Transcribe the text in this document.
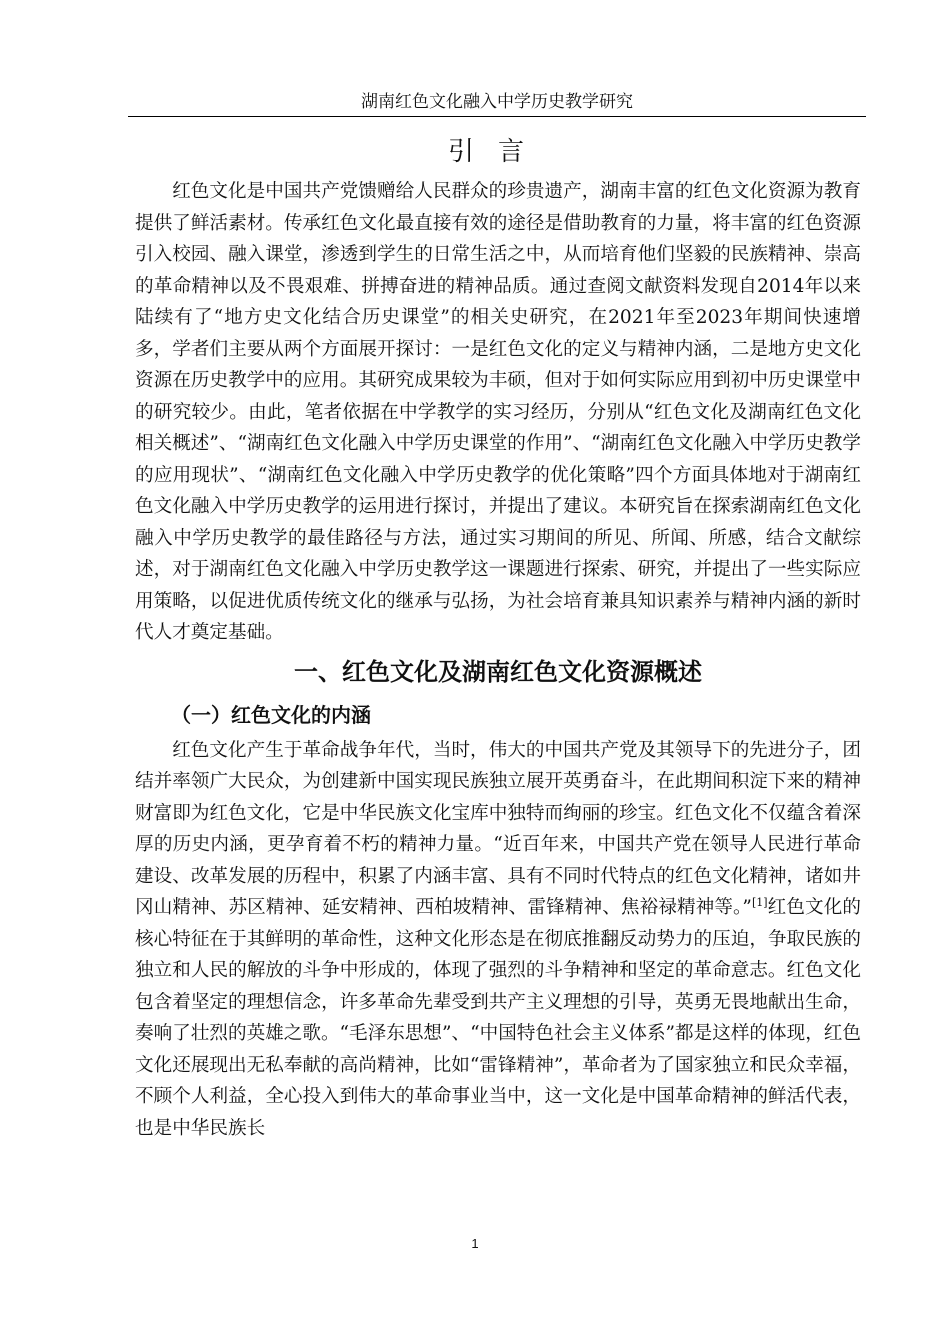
湖南红色文化融入中学历史教学研究
引言

红色文化是中国共产党馈赠给人民群众的珍贵遗产，湖南丰富的红色文化资源为教育提供了鲜活素材。传承红色文化最直接有效的途径是借助教育的力量，将丰富的红色资源引入校园、融入课堂，渗透到学生的日常生活之中，从而培育他们坚毅的民族精神、崇高的革命精神以及不畏艰难、拼搏奋进的精神品质。通过查阅文献资料发现自2014年以来陆续有了“地方史文化结合历史课堂”的相关史研究，在2021年至2023年期间快速增多，学者们主要从两个方面展开探讨：一是红色文化的定义与精神内涵，二是地方史文化资源在历史教学中的应用。其研究成果较为丰硕，但对于如何实际应用到初中历史课堂中的研究较少。由此，笔者依据在中学教学的实习经历，分别从“红色文化及湖南红色文化相关概述”、“湖南红色文化融入中学历史课堂的作用”、“湖南红色文化融入中学历史教学的应用现状”、“湖南红色文化融入中学历史教学的优化策略”四个方面具体地对于湖南红色文化融入中学历史教学的运用进行探讨，并提出了建议。本研究旨在探索湖南红色文化融入中学历史教学的最佳路径与方法，通过实习期间的所见、所闻、所感，结合文献综述，对于湖南红色文化融入中学历史教学这一课题进行探索、研究，并提出了一些实际应用策略，以促进优质传统文化的继承与弘扬，为社会培育兼具知识素养与精神内涵的新时代人才奠定基础。

一、红色文化及湖南红色文化资源概述
（一）红色文化的内涵

红色文化产生于革命战争年代，当时，伟大的中国共产党及其领导下的先进分子，团结并率领广大民众，为创建新中国实现民族独立展开英勇奋斗，在此期间积淀下来的精神财富即为红色文化，它是中华民族文化宝库中独特而绚丽的珍宝。红色文化不仅蕴含着深厚的历史内涵，更孕育着不朽的精神力量。“近百年来，中国共产党在领导人民进行革命建设、改革发展的历程中，积累了内涵丰富、具有不同时代特点的红色文化精神，诸如井冈山精神、苏区精神、延安精神、西柏坡精神、雷锋精神、焦裕禄精神等。”[1]红色文化的核心特征在于其鲜明的革命性，这种文化形态是在彻底推翻反动势力的压迫，争取民族的独立和人民的解放的斗争中形成的，体现了强烈的斗争精神和坚定的革命意志。红色文化包含着坚定的理想信念，许多革命先辈受到共产主义理想的引导，英勇无畏地献出生命，奏响了壮烈的英雄之歌。“毛泽东思想”、“中国特色社会主义体系”都是这样的体现，红色文化还展现出无私奉献的高尚精神，比如“雷锋精神”，革命者为了国家独立和民众幸福，不顾个人利益，全心投入到伟大的革命事业当中，这一文化是中国革命精神的鲜活代表，也是中华民族长

1
